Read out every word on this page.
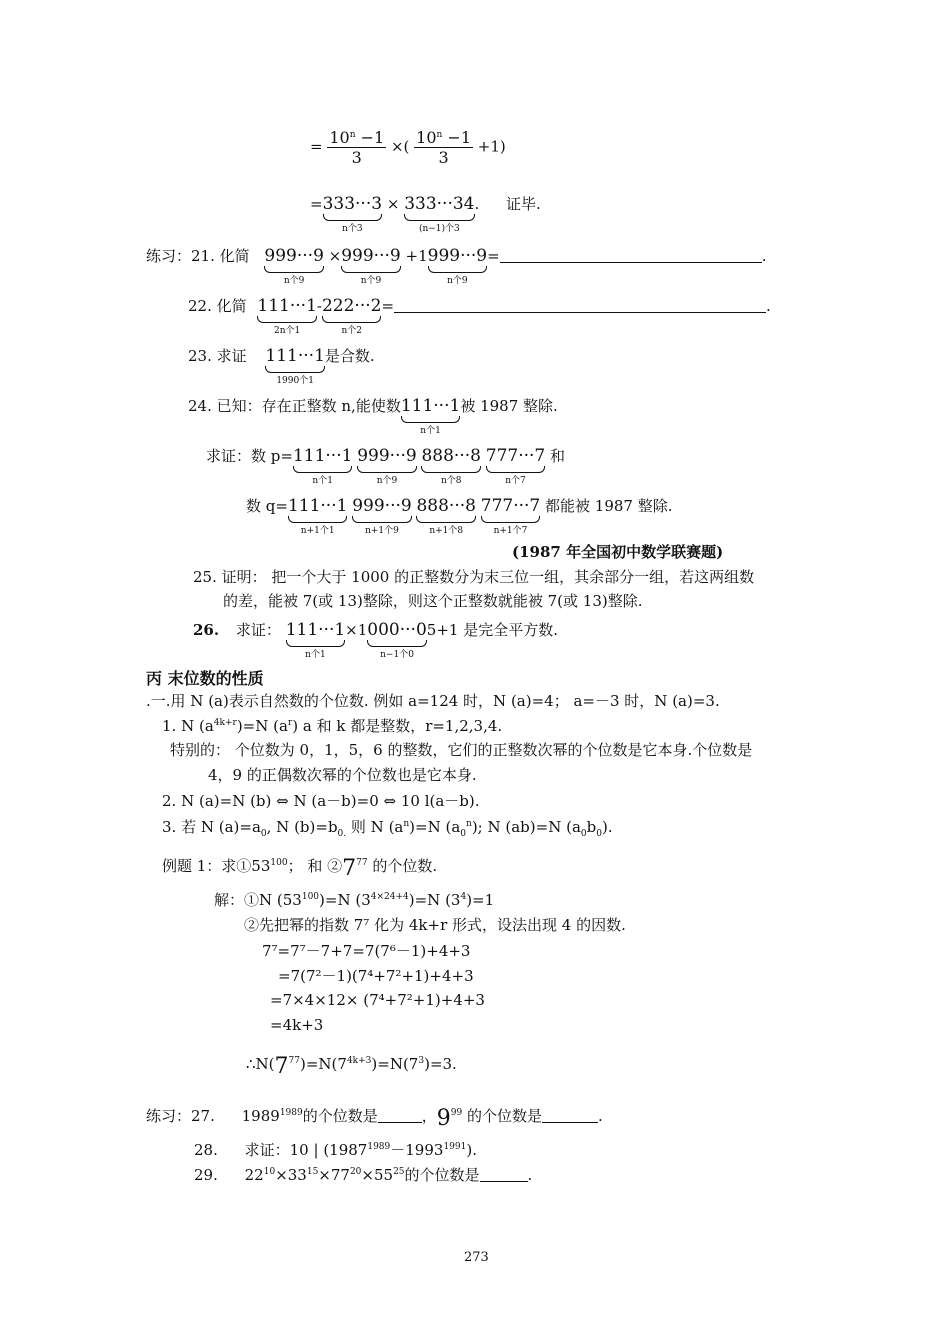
= $\frac{10^n -1}{3}$ ×( $\frac{10^n -1}{3} +1$)
=333···3
n个3
× 333···34
(n−1)个3
. 证毕.
练习：21. 化简 999···9
n个9
×999···9
n个9
+1999···9
n个9
=	.
22. 化简 111···1
2n个1
-222···2
n个2
=	.
23. 求证 111···1
1990个1
是合数.
24. 已知：存在正整数 n,能使数111···1
n个1
被 1987 整除.
求证：数 p=111···1
n个1
999···9
n个9
888···8
n个8
777···7
n个7
和
数 q=111···1
n+1个1
999···9
n+1个9
888···8
n+1个8
777···7
n+1个7
都能被 1987 整除.
(1987 年全国初中数学联赛题)
25. 证明： 把一个大于 1000 的正整数分为末三位一组，其余部分一组，若这两组数
的差，能被 7(或 13)整除，则这个正整数就能被 7(或 13)整除.
26. 求证： 111···1
n个1
×1000···0
n−1个0
5+1 是完全平方数.
丙 末位数的性质
.一.用 N (a)表示自然数的个位数. 例如 a=124 时，N (a)=4； a=－3 时，N (a)=3.
1. N $(a^{4k+r})=N$ $(a^r)$ a 和 k 都是整数，r=1,2,3,4.
特别的： 个位数为 0，1，5，6 的整数，它们的正整数次幂的个位数是它本身.个位数是
4，9 的正偶数次幂的个位数也是它本身.
2. N (a)=N (b) ⇔ N (a－b)=0 ⇔ 10 l(a－b).
3. 若 N $(a)=a_0$, N $(b)=b_{0.}$ 则 N $(a^n)=N$ $(a_0^n)$; N (ab)=N $(a_0b_0)$.
例题 1：求$①53^{100}$； 和 $②7^{77}$ 的个位数.
解：①N $(53^{100})=N$ $(3^{4\times 24+4})=N$ $(3^4)=1$
②先把幂的指数 7⁷ 化为 4k+r 形式，设法出现 4 的因数.
7⁷=7⁷－7+7=7(7⁶－1)+4+3
=7(7²－1)(7⁴+7²+1)+4+3
=7×4×12× (7⁴+7²+1)+4+3
=4k+3
$\therefore N(7^{77})=N(7^{4k+3})=N(7^3)=3$.
练习：27. $1989^{1989}$的个位数是	，$9^{99}$ 的个位数是	.
28. 求证：10 | $(1987^{1989}-1993^{1991})$.
29. $22^{10}\times 33^{15}\times 77^{20}\times 55^{25}$的个位数是	.
273
